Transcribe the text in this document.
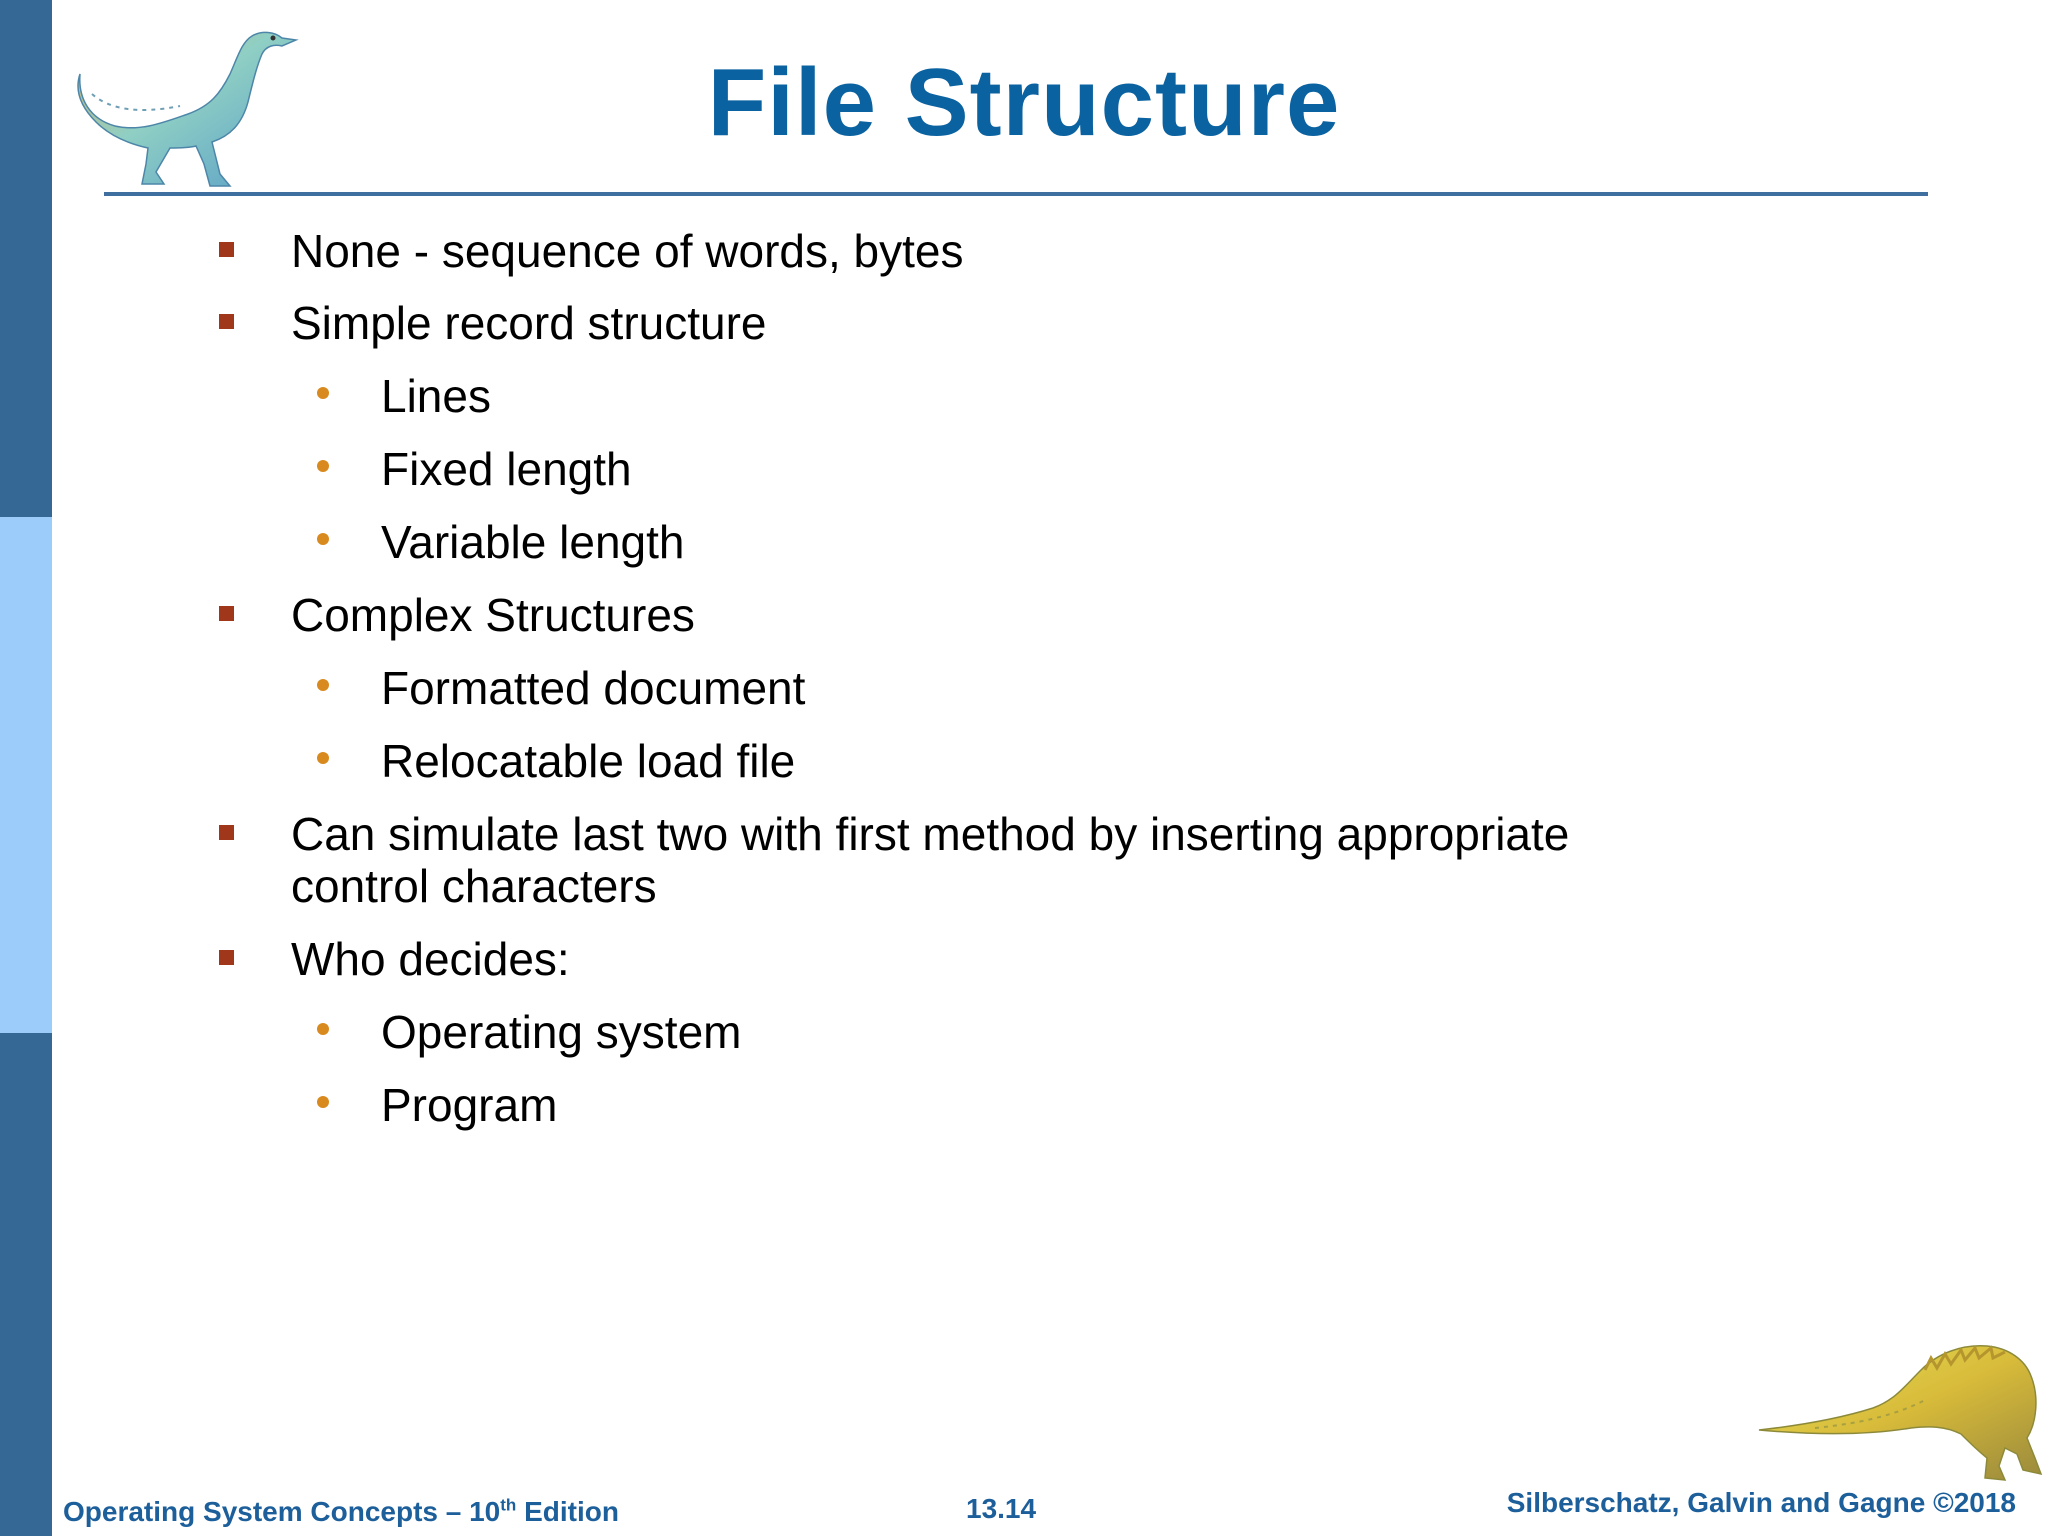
File Structure
None - sequence of words, bytes
Simple record structure
Lines
Fixed length
Variable length
Complex Structures
Formatted document
Relocatable load file
Can simulate last two with first method by inserting appropriate
control characters
Who decides:
Operating system
Program
Operating System Concepts – 10th Edition	13.14	Silberschatz, Galvin and Gagne ©2018
